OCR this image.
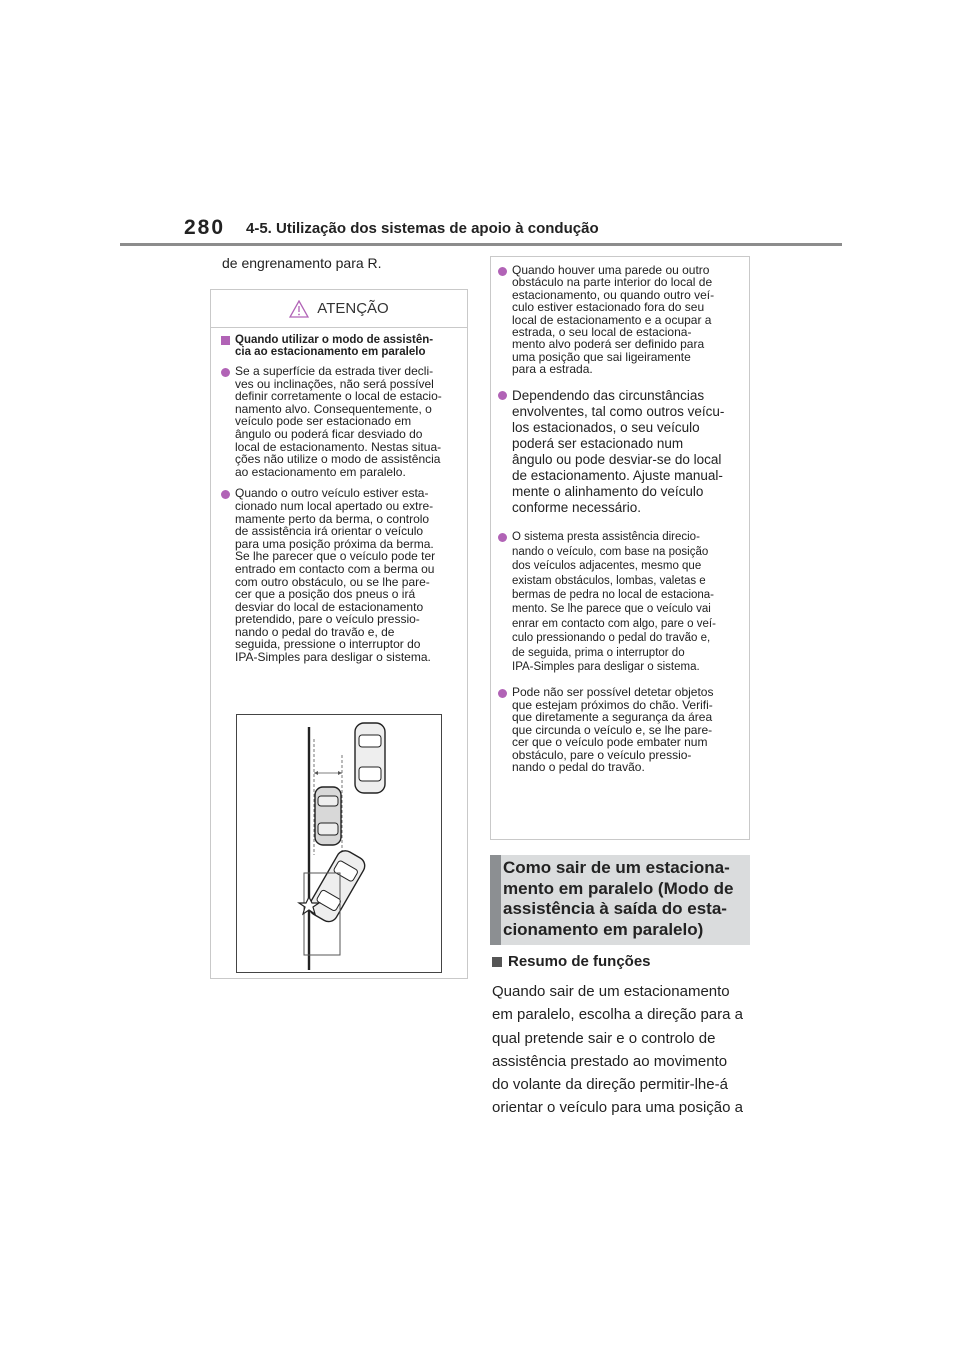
280 4-5. Utilização dos sistemas de apoio à condução
de engrenamento para R.
ATENÇÃO
Quando utilizar o modo de assistên-
cia ao estacionamento em paralelo
Se a superfície da estrada tiver decli-
ves ou inclinações, não será possível
definir corretamente o local de estacio-
namento alvo. Consequentemente, o
veículo pode ser estacionado em
ângulo ou poderá ficar desviado do
local de estacionamento. Nestas situa-
ções não utilize o modo de assistência
ao estacionamento em paralelo.
Quando o outro veículo estiver esta-
cionado num local apertado ou extre-
mamente perto da berma, o controlo
de assistência irá orientar o veículo
para uma posição próxima da berma.
Se lhe parecer que o veículo pode ter
entrado em contacto com a berma ou
com outro obstáculo, ou se lhe pare-
cer que a posição dos pneus o irá
desviar do local de estacionamento
pretendido, pare o veículo pressio-
nando o pedal do travão e, de
seguida, pressione o interruptor do
IPA-Simples para desligar o sistema.
Quando houver uma parede ou outro
obstáculo na parte interior do local de
estacionamento, ou quando outro veí-
culo estiver estacionado fora do seu
local de estacionamento e a ocupar a
estrada, o seu local de estaciona-
mento alvo poderá ser definido para
uma posição que sai ligeiramente
para a estrada.
Dependendo das circunstâncias
envolventes, tal como outros veícu-
los estacionados, o seu veículo
poderá ser estacionado num
ângulo ou pode desviar-se do local
de estacionamento. Ajuste manual-
mente o alinhamento do veículo
conforme necessário.
O sistema presta assistência direcio-
nando o veículo, com base na posição
dos veículos adjacentes, mesmo que
existam obstáculos, lombas, valetas e
bermas de pedra no local de estaciona-
mento. Se lhe parece que o veículo vai
enrar em contacto com algo, pare o veí-
culo pressionando o pedal do travão e,
de seguida, prima o interruptor do
IPA-Simples para desligar o sistema.
Pode não ser possível detetar objetos
que estejam próximos do chão. Verifi-
que diretamente a segurança da área
que circunda o veículo e, se lhe pare-
cer que o veículo pode embater num
obstáculo, pare o veículo pressio-
nando o pedal do travão.
Como sair de um estaciona-
mento em paralelo (Modo de
assistência à saída do esta-
cionamento em paralelo)
Resumo de funções
Quando sair de um estacionamento
em paralelo, escolha a direção para a
qual pretende sair e o controlo de
assistência prestado ao movimento
do volante da direção permitir-lhe-á
orientar o veículo para uma posição a
